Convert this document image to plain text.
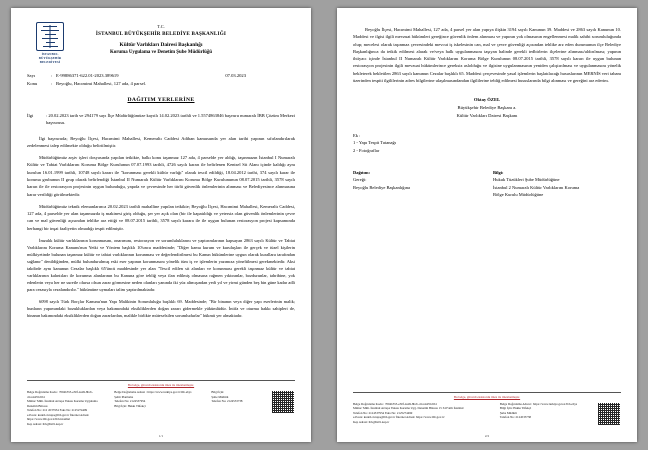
İSTANBUL
BÜYÜKŞEHİR
BELEDİYESİ
T.C.
İSTANBUL BÜYÜKŞEHİR BELEDİYE BAŞKANLIĞI
Kültür Varlıkları Dairesi Başkanlığı
Koruma Uygulama ve Denetim Şube Müdürlüğü
Sayı	: E-99886371-622.01-2023.389619
Konu	: Beyoğlu, Hacımimi Mahallesi, 127 ada, 4 parsel.
07.03.2023
DAĞITIM YERLERİNE
İlgi	: 20.02.2023 tarih ve 294179 sayı İlçe Müdürlüğümüze kayıtlı 14.02.2023 tarihli ve 1.5574863846 başvuru numaralı İBB Çözüm Merkezi başvurusu.

İlgi başvuruda; Beyoğlu İlçesi, Hacımimi Mahallesi, Kemeraltı Caddesi Adiban kamusunda yer alan tarihi yapının sıfırlandırılarak zedelenmesi talep edilmekte olduğu belirtilmiştir.

Müdürlüğümüz arşiv işleri dosyasında yapılan tetkikte, balkı konu taşınmaz 127 ada, 4 parselde yer aldığı, taşınmazın İstanbul I Numaralı Kültür ve Tabiat Varlıklarını Koruma Bölge Kurulunun 07.07.1993 tarihli, 4726 sayılı kararı ile belirlenen Kentsel Sit Alanı içinde kaldığı aynı kurulun 16.01.1999 tarihli, 10748 sayılı kararı ile "korunması gerekli kültür varlığı" olarak tescil edildiği, 18.04.2012 tarihi, 374 sayılı karar ile koruma grubunun II grup olarak belirlendiği İstanbul II Numaralı Kültür Varlıklarını Koruma Bölge Kurulununun 08.07.2015 tarihli, 3578 sayılı kararı ile ile restorasyon projesinin uygun bulunduğu, yapıda ve çevresinde her türlü güvenlik önlemlerinin alınması ve Belediyesince alınmasına karar verildiği görülmektedir.

Müdürlüğümüz teknik elemanlarınca 20.02.2023 tarihli mahalline yapılan tetkikte; Beyoğlu İlçesi, Hacımimi Mahallesi, Kemeraltı Caddesi, 127 ada, 4 parselde yer alan taşınmazda iş makinesi giriş olduğu, şer yer açık olan (bir ile kapatıldığı ve yetersiz olan güvenlik önlemlerinin çevre can ve mal güvenliği açısından tehlike arz ettiği ve 08.07.2015 tarihli, 3578 sayılı karara ile ile uygun bulunan restorasyon projesi kapsamında herhangi bir inşai faaliyetin olmadığı tespit edilmiştir.

İmzalık kültür varlıklarının korunmasını, onarımını, restorasyon ve sorumluluklarını ve yaptırımlarının kapsayan 2863 sayılı Kültür ve Tabiat Varlıklarını Koruma Kanunu'nun Yetki ve Yöntem başlıklı 10'uncu maddesinde; "Diğer kamu kurum ve kuruluşları ile gerçek ve tüzel kişilerin mülkiyetinde bulunan taşınmaz kültür ve tabiat varlıklarının korunması ve değerlendirilmesi bu Kanun hükümlerine uygun olarak kurallara tarafından sağlanır" denildiğinden, mülki bulundurulmuş eski eser yapının korunmasını yönelik tüm iş ve işlemlerin yazımıza yöneltilmesi gerekmektedir. Aksi takdirde aynı kanunun Cezalar başlıklı 65'üncü maddesinde yer alan "Tescil edilen sit alanları ve korunması gerekli taşınmaz kültür ve tabiat varlıklarının kalıntıları ile korunma alanlarının bu Kanuna göre tebliğ veya ilan edilmiş olmasına rağmen yıktıranlar, bozdurunlar, tahribine, yok edenlerin veya her ne suretle olursa olsun zarar görmesine neden olanları yanında iki yüz altmışından yedi yıl ve yirmi günden beş bin güne kadar adli para cezasıyla cezalandırılır." hükümüne uymaları talim yaptırılmaktadır.

6098 sayılı Türk Borçlar Kanunu'nun Yapı Malikinin Sorumluluğu başlıklı 69. Maddesinde; "Bir binanın veya diğer yapı eserlerinin malik; bunların yapımındaki bozukluklardan veya bakımındaki eksikliklerden doğan zararı gidermekle yükümlüdür. İntifa ve oturma hakkı sahipleri de, binanın bakımındaki eksikliklerden doğan zararlardan, malikle birlikte müteselsilen sorumludurlar" hükmü yer almaktadır.

Bu belge, güvenli elektronik imza ile imzalanmıştır.
Belge Doğrulama Kodu : 7094b555-e30f-4a49-8bcb-d1ce4435c6b1
Mimar/ Müh. İstanbul Avrupa Yakası Koruma Uygulama Denetim Bürosu
Telefon No: 212 4537954 Faks No: 2125274499
e-Posta: kudeb.avrupa@ibb.gov.tr İnternet Adresi: https://www.ibb.gov.tr/ibb.istanbul
Kep Adresi: ibb@hs01.kep.tr
Belge Doğrulama Adresi : https://www.turkiye.gov.tr/ibb-ebys
Şehir Planlama
Telefon No: 2124537954
Bilgi İçin: Hakkı Tüfekçi
Bilgi İçin:
Şube Müdürü
Telefon No: 2124533738
1/1

Beyoğlu İlçesi, Hacımimi Mahallesi, 127 ada, 4 parsel yer alan yapıya ilişkin 3194 sayılı Kanunun 39. Maddesi ve 2863 sayılı Kanunun 10. Maddesi ve ilgisi ilgili mevzuat hükümleri gereğince güvenlik önlem alınması ve yapının yok olmasının engellenmesi malik sahibi sorumluluğunda olup; mecelesi olarak taşınmaz çevresindeki mevcut iş iskelesinin can, mal ve çevre güvenliği açısından tehlike arz eden durumunun ilçe Belediye Başkanlığınca da tetkik edilmesi alarak ve/veya halk uygulanmasını taşıyan halinde gerekli tedbirlerin ilçelerine alınması/aldırılması; yapının ihtiyacı içinde İstanbul II Numaralı Kültür Varlıklarını Koruma Bölge Kurulunun 08.07.2015 tarihli, 3578 sayılı kararı ile uygun bulunan restorasyon projesinin ilgili mevzuat hükümlerince gereksiz aslolduğu ve ilgisine uygulanmasının yeniden çalıştırılması ve uygulanmasını yönelik bekleterek bekletilen 2863 sayılı kanunun Cezalar başlıklı 65. Maddesi çerçevesinde yasal işlemlerin başlatılacağı hususlarının MERNİS veri tabanı üzerinden tespiti ilgililerinin adres bilgilerine ulaşılmasındandan ilgililerine tebliğ edilmesi hususlarında bilgi alınması ve gereğini arz ederim.

Oktay ÖZEL
Büyükşehir Belediye Başkanı a.
Kültür Varlıkları Dairesi Başkanı
Ek :
1 - Yapı Tespit Tutanağı
2 - Fotoğraflar
Dağıtım:
Gereği:
Beyoğlu Belediye Başkanlığına
Bilgi:
Hukuk Tüzükleri Şube Müdürlüğüne
İstanbul 2 Numaralı Kültür Varlıklarını Koruma
Bölge Kurulu Müdürlüğüne
Bu belge, güvenli elektronik imza ile imzalanmıştır.
Belge Doğrulama Kodu : 7094b555-e30f-4a49-8bcb-d1ce4435c6b1
Mimar/ Müh. İstanbul Avrupa Yakası Koruma Uyg. Denetim Bürosu 15 34 Fatih İstanbul
Telefon No: 2124537954 Faks No: 2125274499
e-Posta: kudeb.avrupa@ibb.gov.tr İnternet Adresi: https://www.ibb.gov.tr/
Kep Adresi: ibb@hs01.kep.tr
Belge Doğrulama Adresi : https://www.turkiye.gov.tr/ibb-ebys
Bilgi İçin: Hakkı Tüfekçi
Şube Müdürü
Telefon No: 2124533738
2/2
